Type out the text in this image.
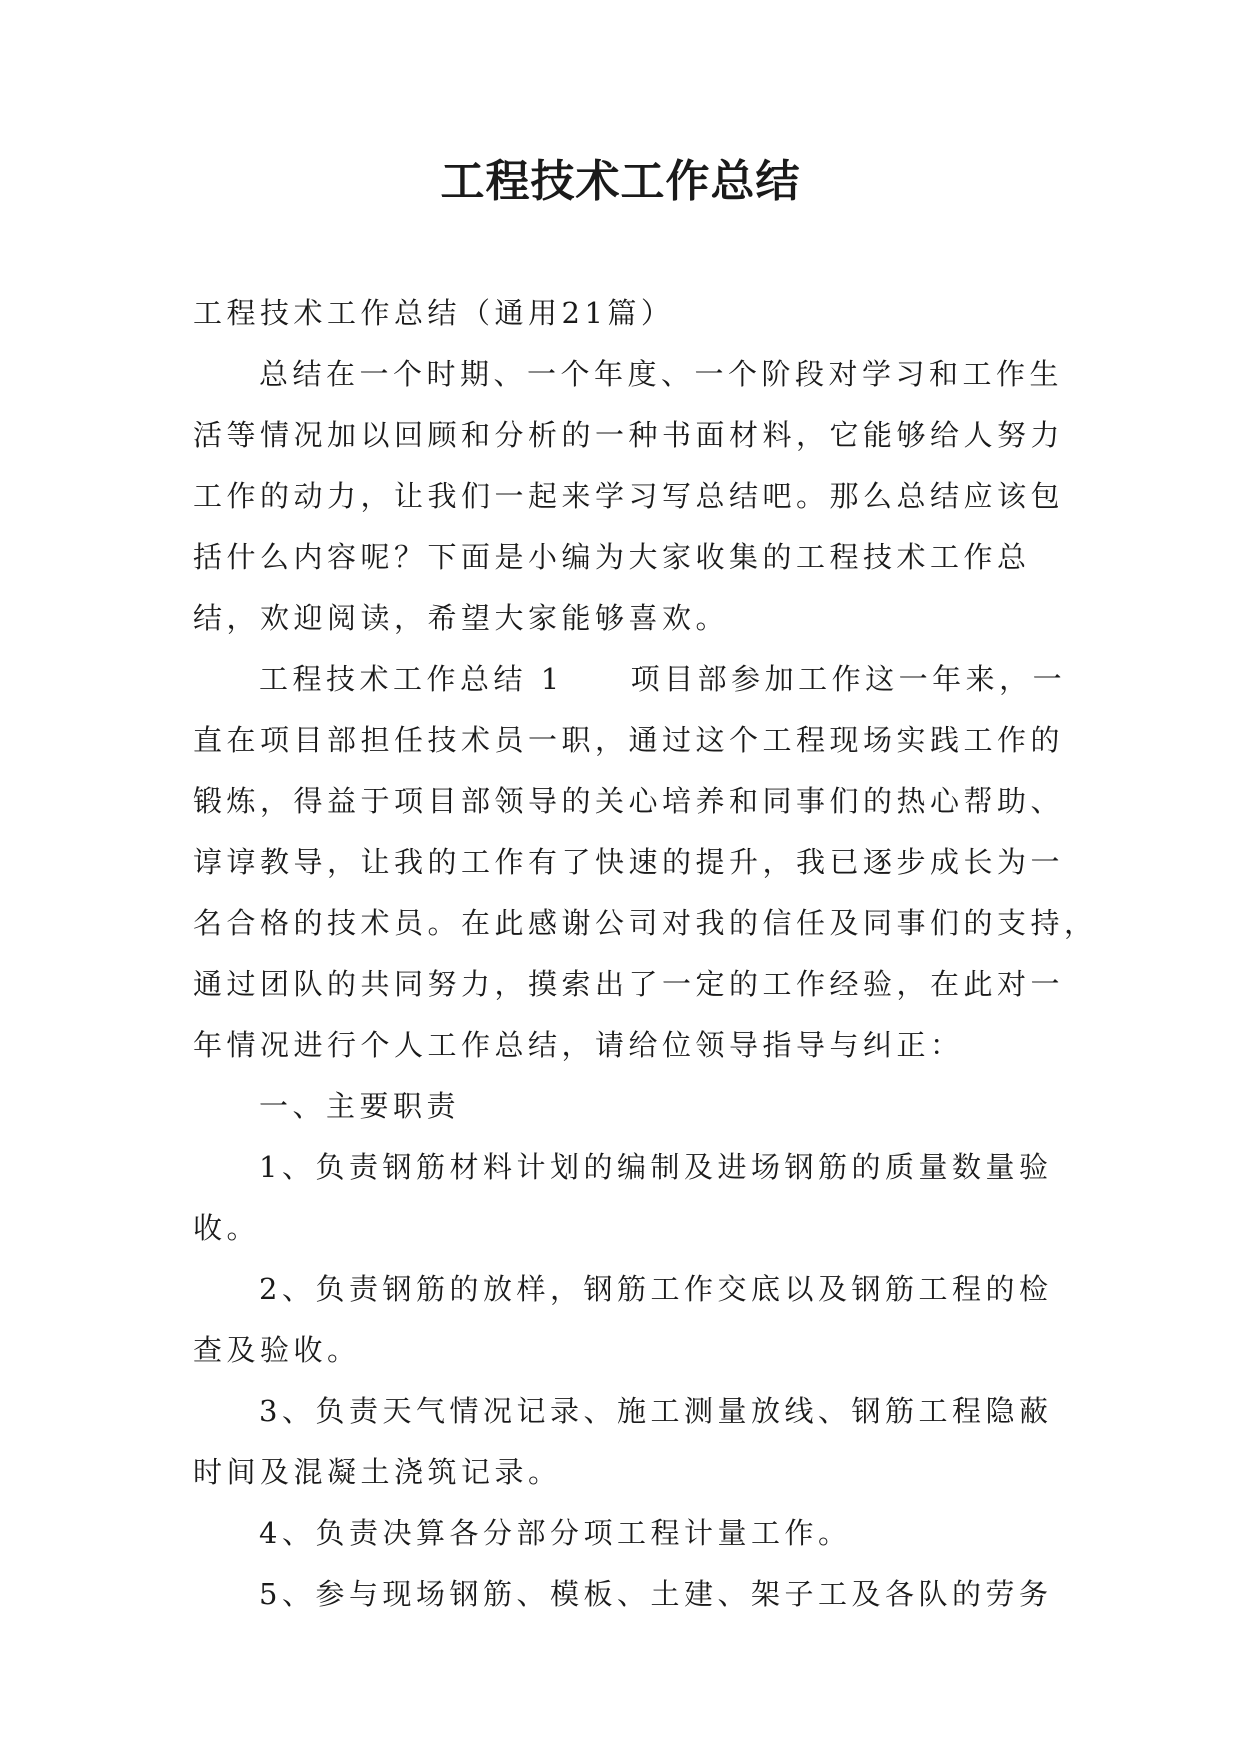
工程技术工作总结
工程技术工作总结（通用21篇）
总结在一个时期、一个年度、一个阶段对学习和工作生
活等情况加以回顾和分析的一种书面材料，它能够给人努力
工作的动力，让我们一起来学习写总结吧。那么总结应该包
括什么内容呢？下面是小编为大家收集的工程技术工作总
结，欢迎阅读，希望大家能够喜欢。
工程技术工作总结 1　　项目部参加工作这一年来，一
直在项目部担任技术员一职，通过这个工程现场实践工作的
锻炼，得益于项目部领导的关心培养和同事们的热心帮助、
谆谆教导，让我的工作有了快速的提升，我已逐步成长为一
名合格的技术员。在此感谢公司对我的信任及同事们的支持，
通过团队的共同努力，摸索出了一定的工作经验，在此对一
年情况进行个人工作总结，请给位领导指导与纠正：
一、主要职责
1、负责钢筋材料计划的编制及进场钢筋的质量数量验
收。
2、负责钢筋的放样，钢筋工作交底以及钢筋工程的检
查及验收。
3、负责天气情况记录、施工测量放线、钢筋工程隐蔽
时间及混凝土浇筑记录。
4、负责决算各分部分项工程计量工作。
5、参与现场钢筋、模板、土建、架子工及各队的劳务
